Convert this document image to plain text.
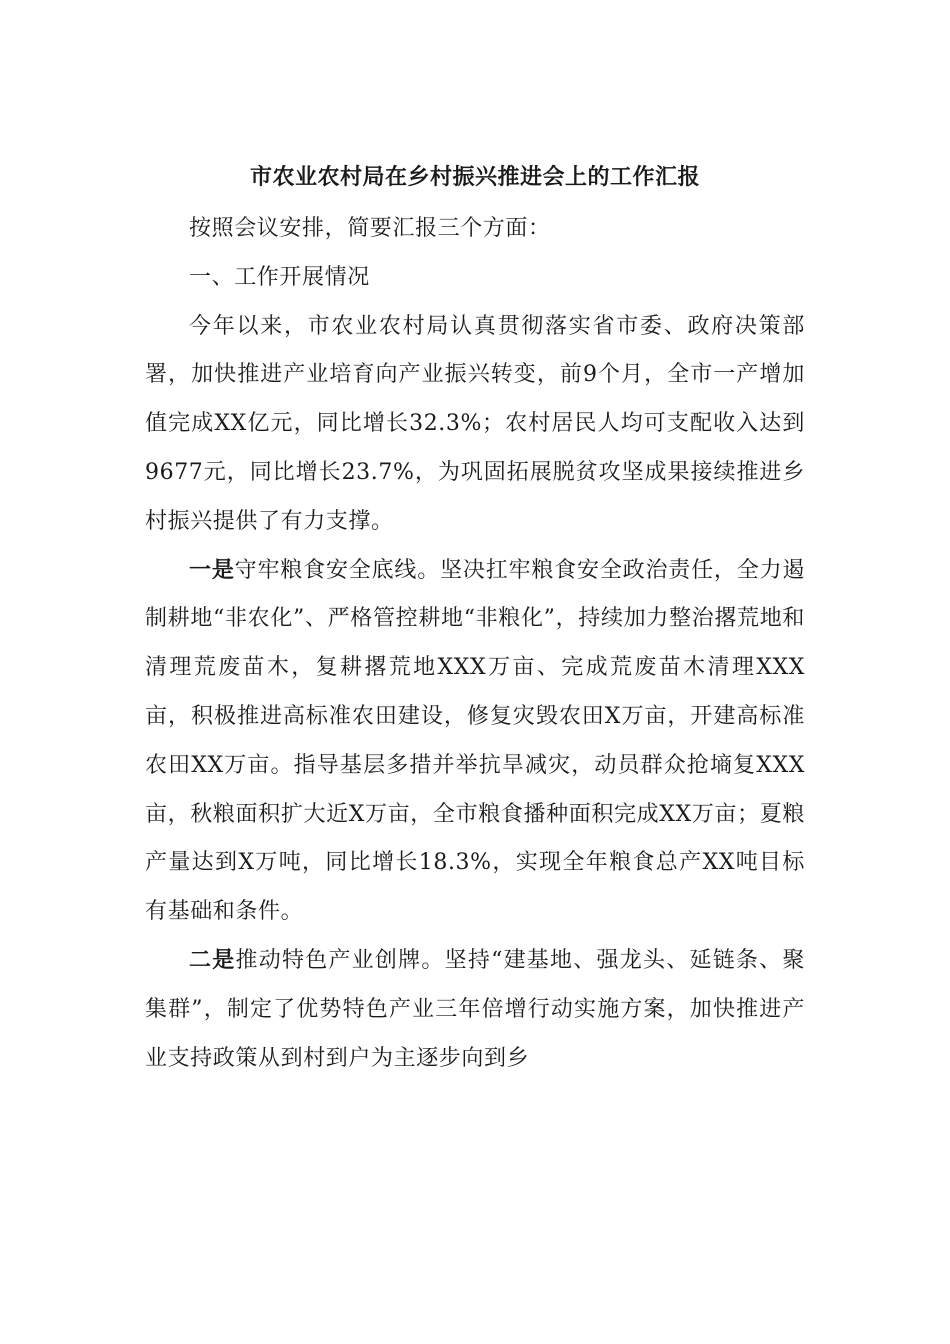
市农业农村局在乡村振兴推进会上的工作汇报

按照会议安排，简要汇报三个方面：

一、工作开展情况

今年以来，市农业农村局认真贯彻落实省市委、政府决策部署，加快推进产业培育向产业振兴转变，前9个月，全市一产增加值完成XX亿元，同比增长32.3%；农村居民人均可支配收入达到9677元，同比增长23.7%，为巩固拓展脱贫攻坚成果接续推进乡村振兴提供了有力支撑。

一是守牢粮食安全底线。坚决扛牢粮食安全政治责任，全力遏制耕地“非农化”、严格管控耕地“非粮化”，持续加力整治撂荒地和清理荒废苗木，复耕撂荒地XXX万亩、完成荒废苗木清理XXX亩，积极推进高标准农田建设，修复灾毁农田X万亩，开建高标准农田XX万亩。指导基层多措并举抗旱减灾，动员群众抢墒复XXX亩，秋粮面积扩大近X万亩，全市粮食播种面积完成XX万亩；夏粮产量达到X万吨，同比增长18.3%，实现全年粮食总产XX吨目标有基础和条件。

二是推动特色产业创牌。坚持“建基地、强龙头、延链条、聚集群”，制定了优势特色产业三年倍增行动实施方案，加快推进产业支持政策从到村到户为主逐步向到乡
